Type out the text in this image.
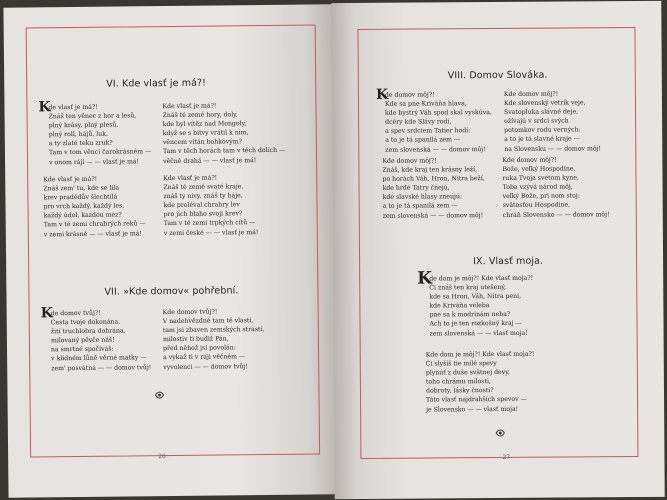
VI. Kde vlasť je má?!
K
de vlasť je má?!
Znáš ten věnec z hor a lesů,
plný krásy, plný plesů,
plný roll, hájů, luk,
a ty zlaté teku zruk?
Tam v tom věnci čarokrásném —
v onom ráji — — vlasť je má!
Kde vlasť je má?!
Znáš té zemé hory, doly,
kde byl vítěz nad Mongoly,
když se s bitvy vrátil k nim,
věncem vítán bohkovým?
Tam v těch horách tam v těch dolích —
věčně drahá — — vlasť je má!
Kde vlasť je má?!
Znáš zem' tu, kde se lila
krev pradědův šlechtilá
pro vrch každý, každý les,
každý údol, kazdou mez?
Tam v té zemi chrabrých reků —
v zemi krásné — — vlasť je má!
Kde vlasť je má?!
Znáš té zemé svaté kraje,
znáš ty nivy, znáš ty háje,
kde proléval chrabry lev
pro jich blaho svoji krev?
Tam v té zemi trpkých citů —
v zemi české — — vlasť je má!
VII. »Kde domov« pohřební.
K
de domov tvůj?!
Cesta tvoje dokonána,
žití truchlobra dohrána,
milovaný pěvče náš!
na smrtné spočíváš:
v klidném lůně věrné matky —
zem' posvátná — — domov tvůj!
Kde domov tvůj?!
V nadehvězdné tam tě vlasti,
tam jsi zbaven zemských strastí,
milostiv ti budiž Pán,
před něhož jsi povolán:
a vykaž ti v ráji věčném —
vyvolenci — — domov tvůj!
26
VIII. Domov Slováka.
K
de domov môj?!
Kde sa pne Kriváňa hlava,
kde bystrý Váh spod skal vyskúva,
dcéry kde Slávy rodí,
a spev srdciem Tatier hodí:
a to je tá spanilá zem —
zem slovenská — — domov môj!
Kde domov môj?!
Kde slovenský vetrík veje,
Svatopluka slávné deje,
ožívajú v srdci svých
potomkov rodu verných:
a to je tá slavné kraje —
na Slovensku — — domov môj!
Kde domov môj?!
Znáš, kde kraj ten krásny leží,
po horách Váh, Hron, Nitra beží,
kde hrdé Tatry čnejú,
kde slavské hlasy zneujú:
a to je tá spanilá zem —
zem slovenská — — domov môj!
Kde domov môj?!
Bože, veľký Hospodine,
ruka Tvoja svetom kyne,
Toba vzývá národ môj,
veľký Bože, pri nom stoj:
svätosťou Hospodine,
chráň Slovensko — — domov môj!
IX. Vlasť moja.
K
de dom je môj?! Kde vlasť moja?!
Či znáš ten kraj utešený,
kde sa Hron, Váh, Nitra pení,
kde Kriváňa veleba
pne sa k modrinám neba?
Ach to je ten rozkošný kraj —
zem slovenská — — vlasť moja!
Kde dom je môj?! Kde vlasť moja?!
Či slyšíš tie milé spevy
plynúť z duše svätnej devy,
toho chrámu milosti,
dobroty, lásky čnosti?
Táto vlasť najdrahších spevov —
je Slovensko — — vlasť moja!
27
